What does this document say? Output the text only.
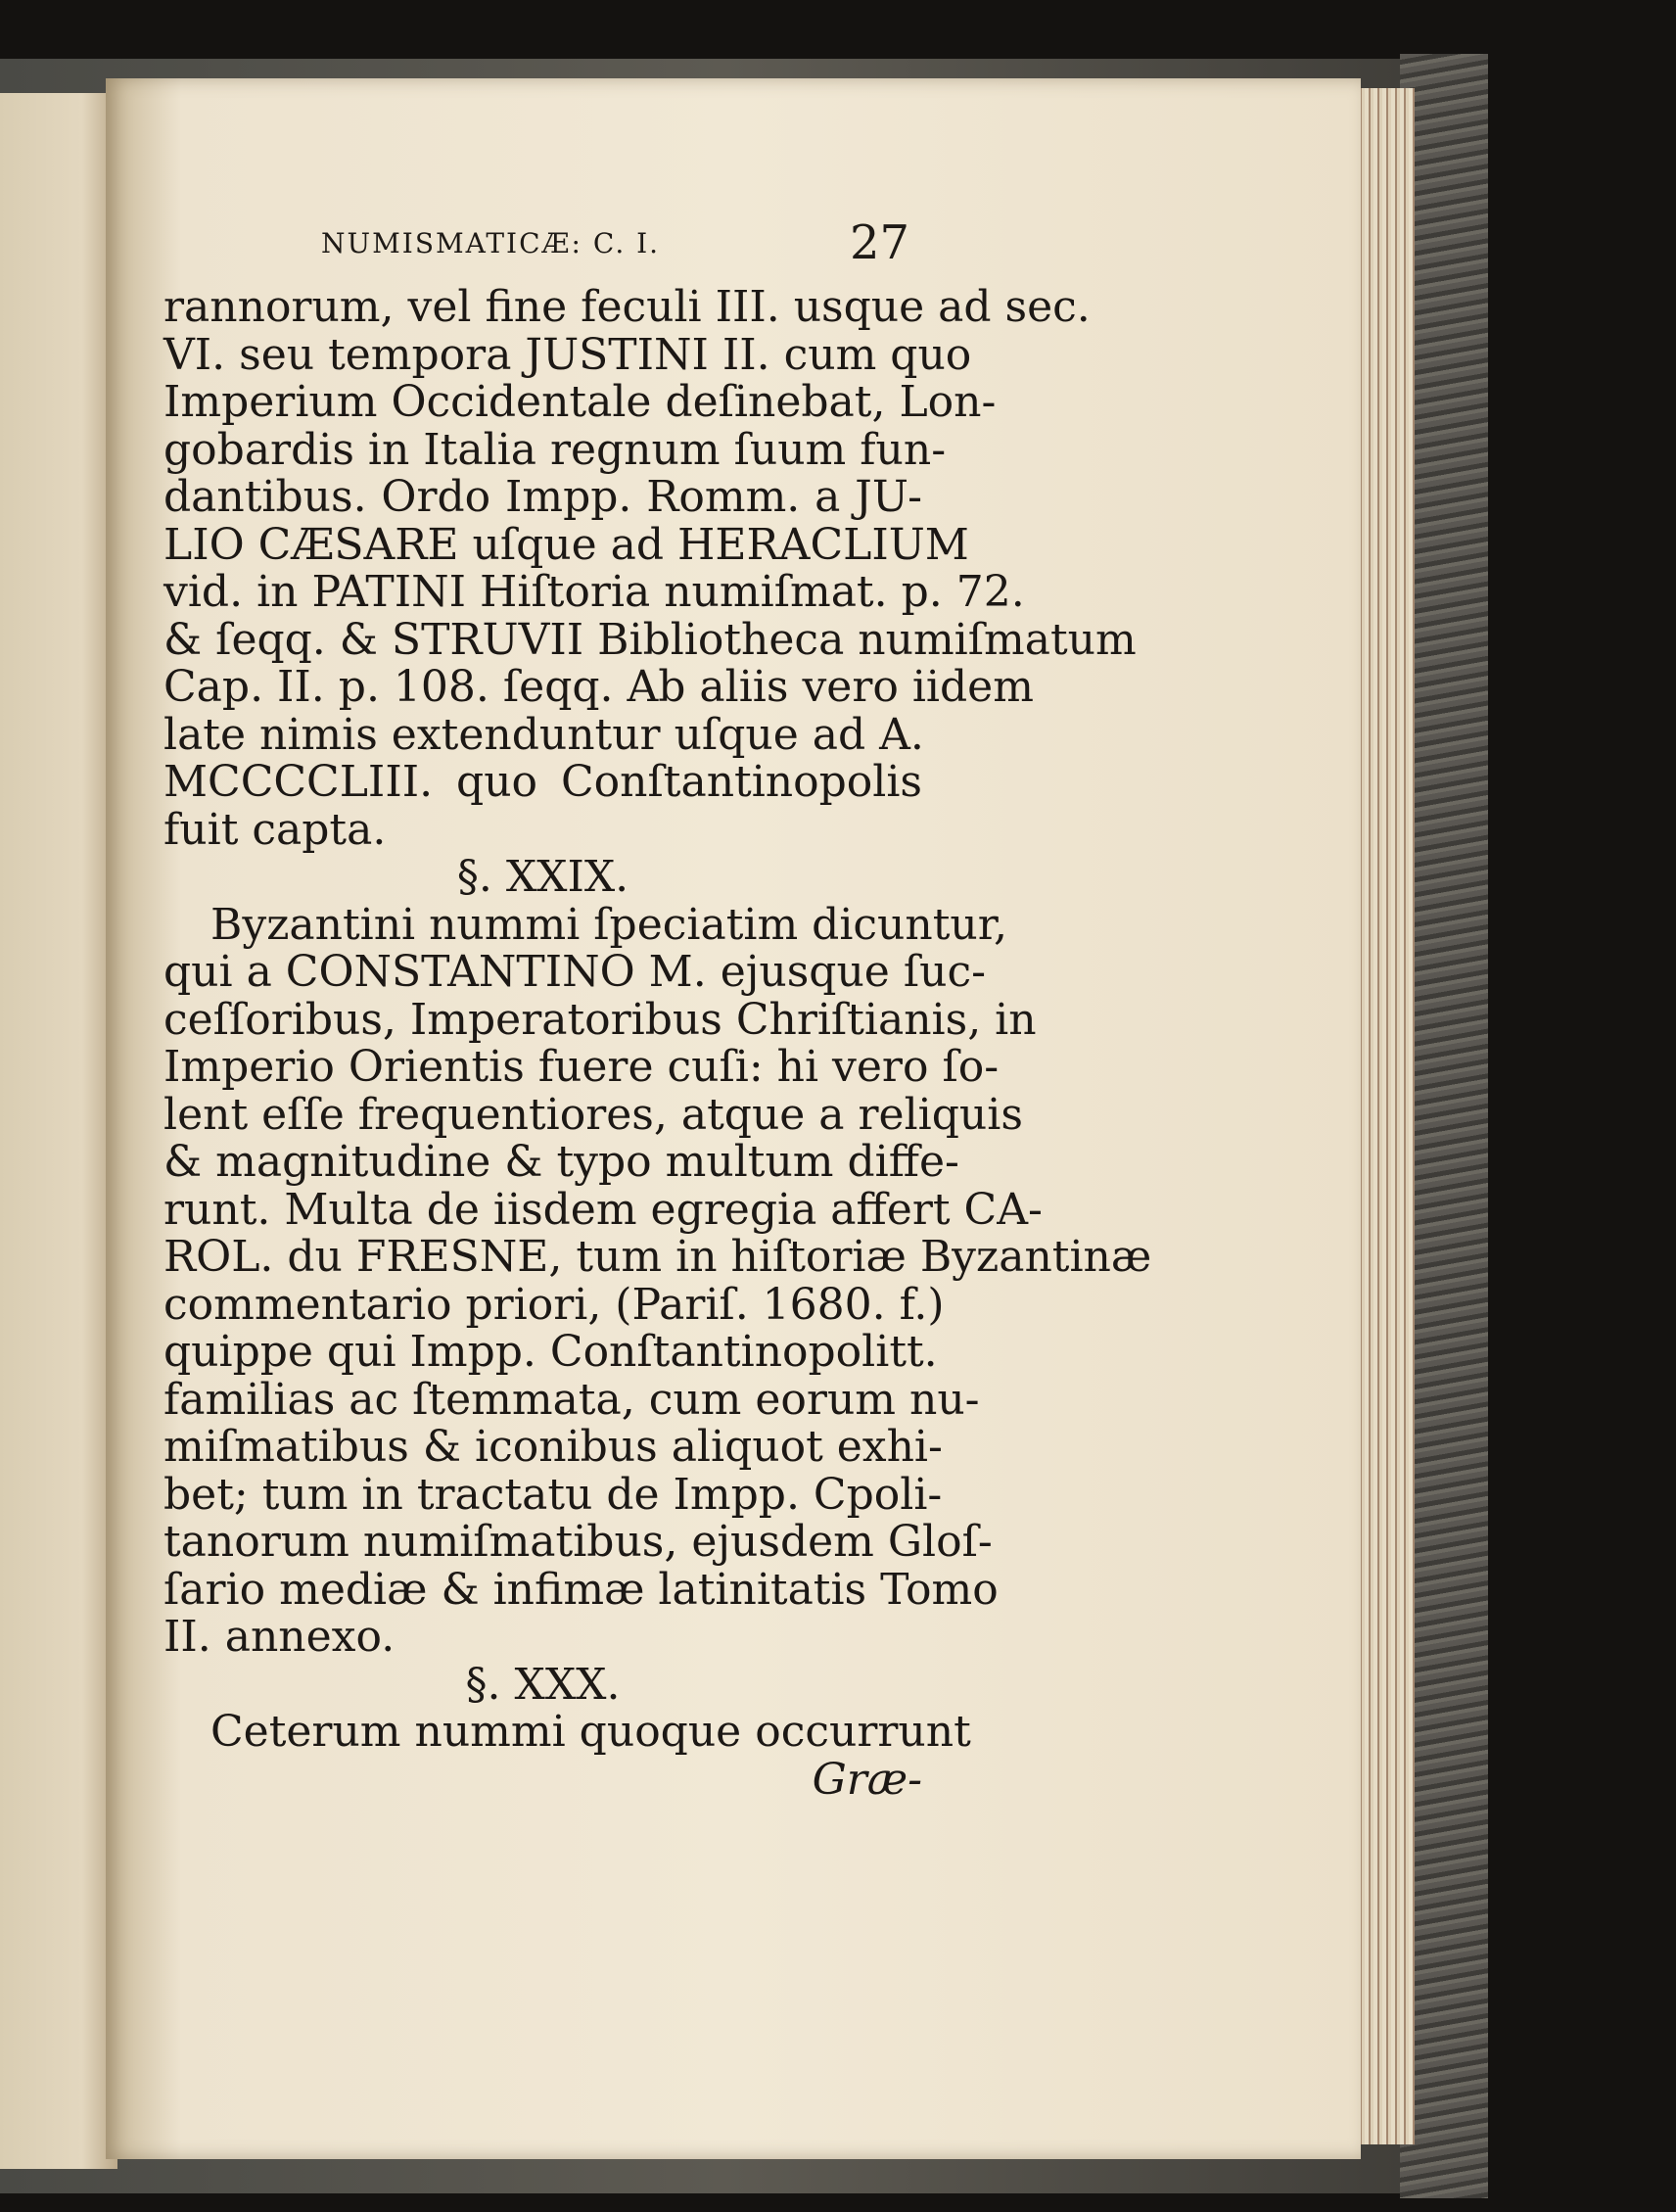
NUMISMATICÆ: C. I.	27
rannorum, vel fine feculi III. usque ad sec.
VI. seu tempora JUSTINI II. cum quo
Imperium Occidentale deſinebat, Lon-
gobardis in Italia regnum ſuum fun-
dantibus. Ordo Impp. Romm. a JU-
LIO CÆSARE uſque ad HERACLIUM
vid. in PATINI Hiſtoria numiſmat. p. 72.
& ſeqq. & STRUVII Bibliotheca numiſmatum
Cap. II. p. 108. ſeqq. Ab aliis vero iidem
late nimis extenduntur uſque ad A.
MCCCCLIII. quo Conſtantinopolis
fuit capta.
§. XXIX.
Byzantini nummi ſpeciatim dicuntur,
qui a CONSTANTINO M. ejusque ſuc-
ceſſoribus, Imperatoribus Chriſtianis, in
Imperio Orientis fuere cuſi: hi vero ſo-
lent eſſe frequentiores, atque a reliquis
& magnitudine & typo multum diffe-
runt. Multa de iisdem egregia affert CA-
ROL. du FRESNE, tum in hiſtoriæ Byzantinæ
commentario priori, (Pariſ. 1680. f.)
quippe qui Impp. Conſtantinopolitt.
familias ac ſtemmata, cum eorum nu-
miſmatibus & iconibus aliquot exhi-
bet; tum in tractatu de Impp. Cpoli-
tanorum numiſmatibus, ejusdem Gloſ-
ſario mediæ & infimæ latinitatis Tomo
II. annexo.
§. XXX.
Ceterum nummi quoque occurrunt
Græ-
